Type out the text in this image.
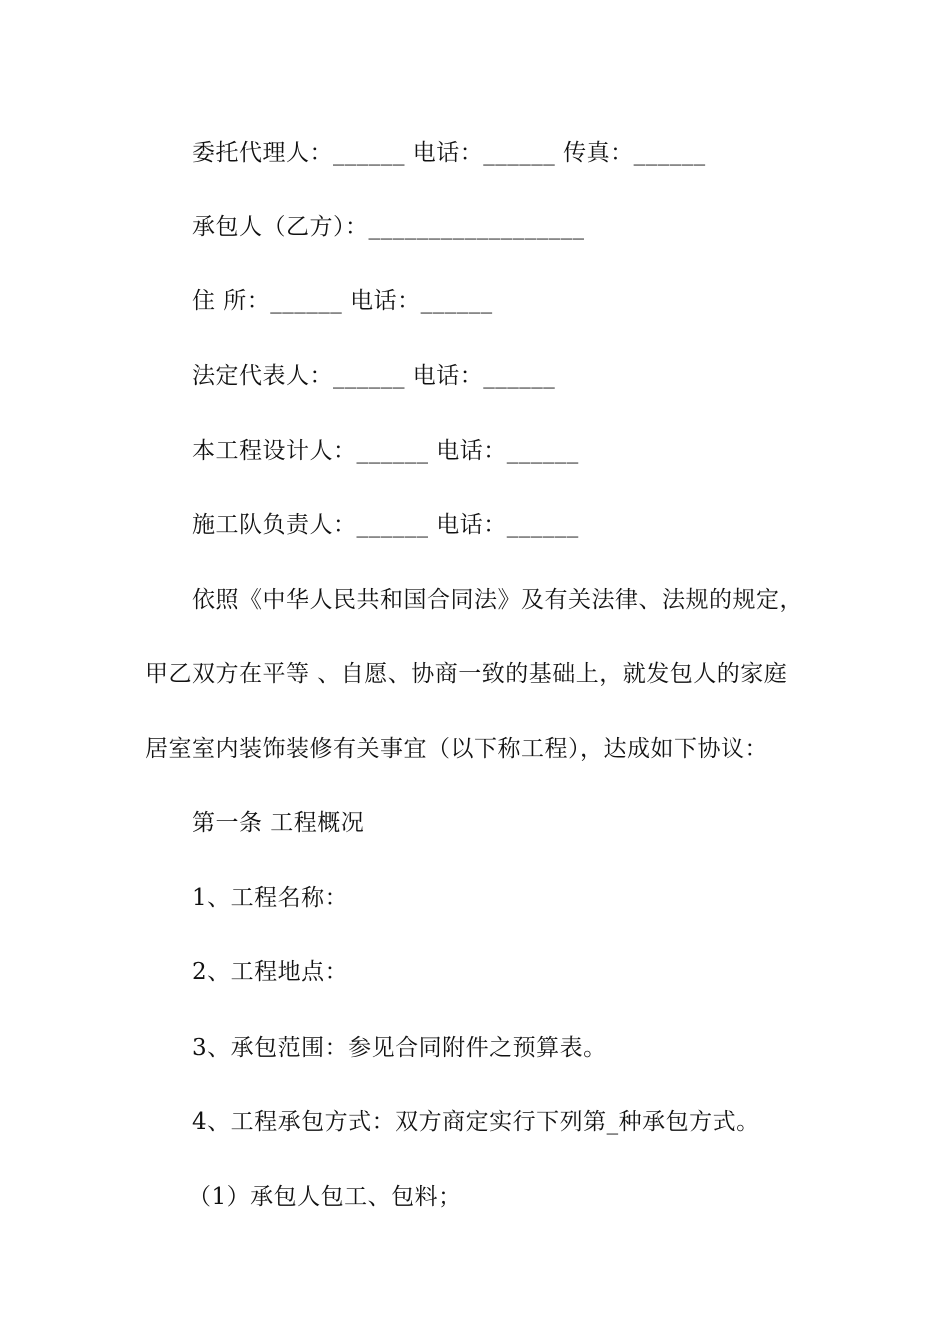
委托代理人：______ 电话：______ 传真：______
承包人（乙方）：__________________
住 所：______ 电话：______
法定代表人：______ 电话：______
本工程设计人：______ 电话：______
施工队负责人：______ 电话：______
依照《中华人民共和国合同法》及有关法律、法规的规定，
甲乙双方在平等 、自愿、协商一致的基础上，就发包人的家庭
居室室内装饰装修有关事宜（以下称工程），达成如下协议：
第一条 工程概况
1、工程名称：
2、工程地点：
3、承包范围：参见合同附件之预算表。
4、工程承包方式：双方商定实行下列第_种承包方式。
（1）承包人包工、包料；
